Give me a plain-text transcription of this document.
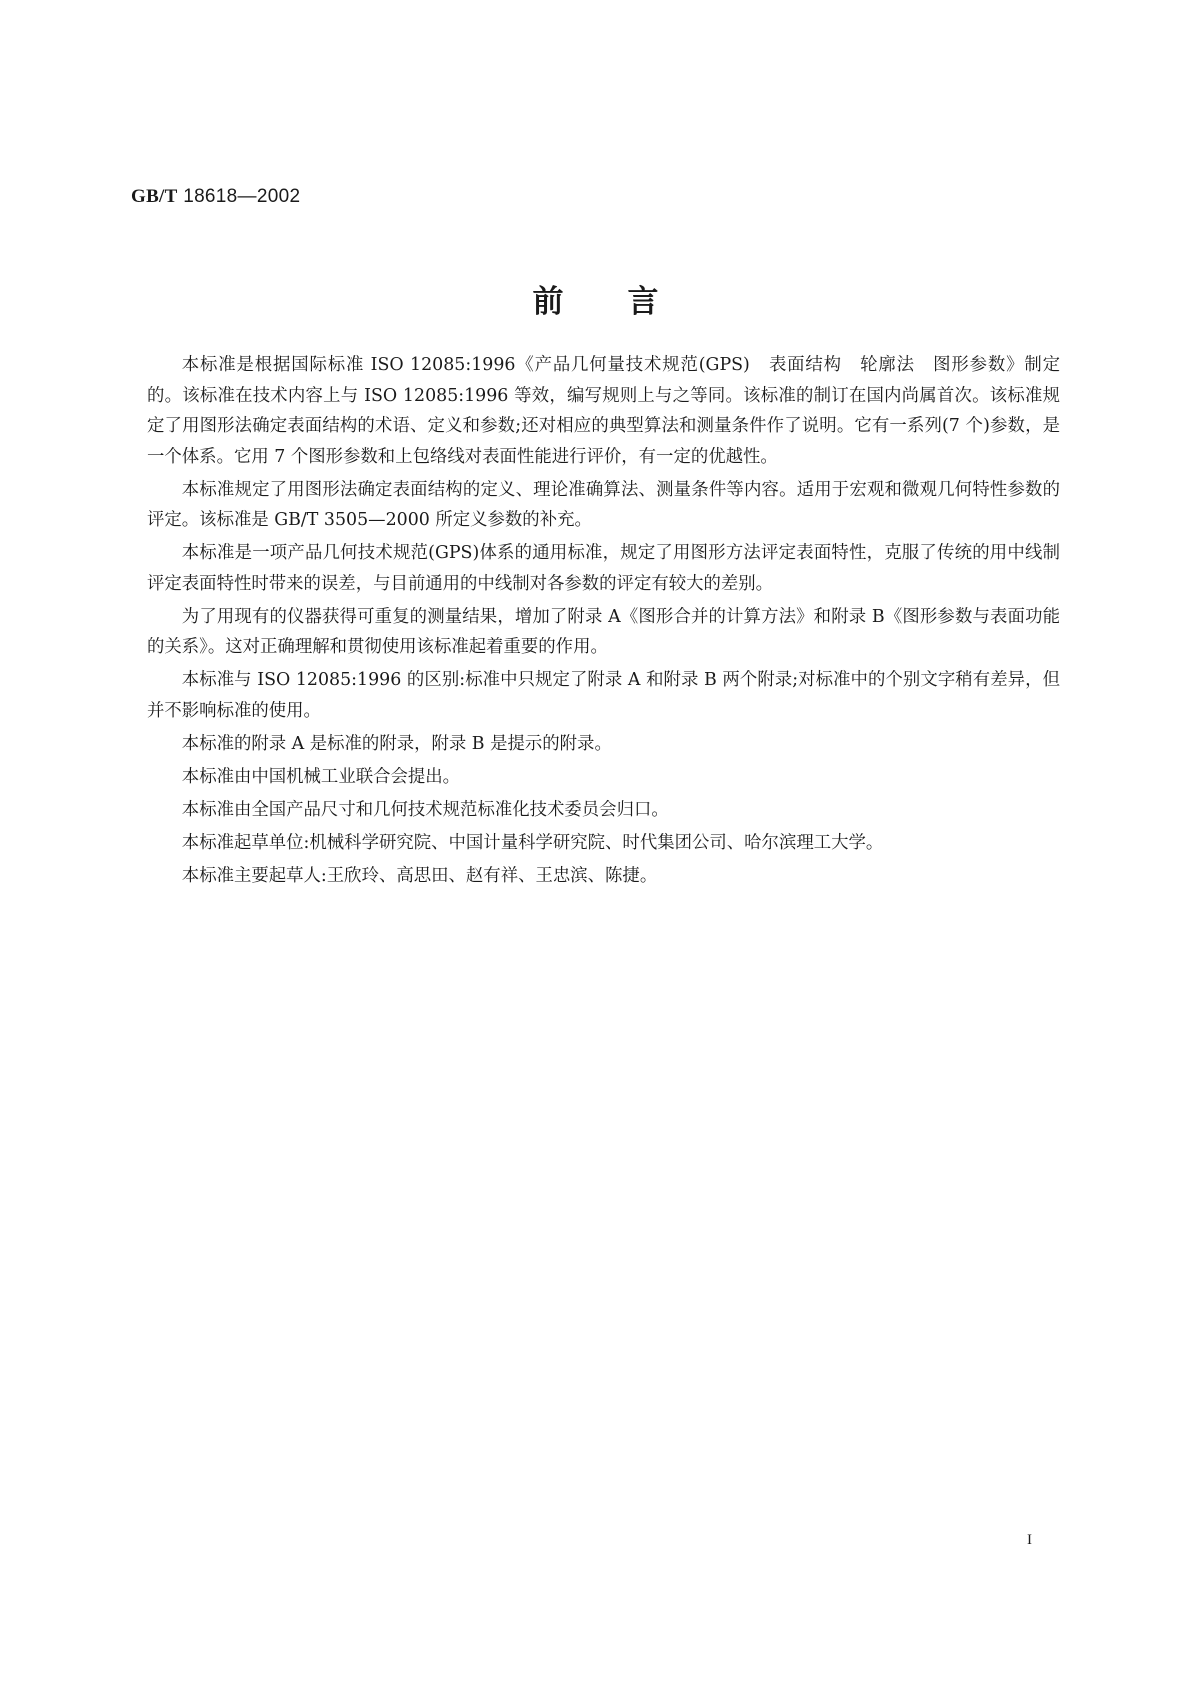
GB/T 18618—2002
前言

本标准是根据国际标准 ISO 12085:1996《产品几何量技术规范(GPS)　表面结构　轮廓法　图形参数》制定的。该标准在技术内容上与 ISO 12085:1996 等效，编写规则上与之等同。该标准的制订在国内尚属首次。该标准规定了用图形法确定表面结构的术语、定义和参数;还对相应的典型算法和测量条件作了说明。它有一系列(7 个)参数，是一个体系。它用 7 个图形参数和上包络线对表面性能进行评价，有一定的优越性。

本标准规定了用图形法确定表面结构的定义、理论准确算法、测量条件等内容。适用于宏观和微观几何特性参数的评定。该标准是 GB/T 3505—2000 所定义参数的补充。

本标准是一项产品几何技术规范(GPS)体系的通用标准，规定了用图形方法评定表面特性，克服了传统的用中线制评定表面特性时带来的误差，与目前通用的中线制对各参数的评定有较大的差别。

为了用现有的仪器获得可重复的测量结果，增加了附录 A《图形合并的计算方法》和附录 B《图形参数与表面功能的关系》。这对正确理解和贯彻使用该标准起着重要的作用。

本标准与 ISO 12085:1996 的区别:标准中只规定了附录 A 和附录 B 两个附录;对标准中的个别文字稍有差异，但并不影响标准的使用。

本标准的附录 A 是标准的附录，附录 B 是提示的附录。

本标准由中国机械工业联合会提出。

本标准由全国产品尺寸和几何技术规范标准化技术委员会归口。

本标准起草单位:机械科学研究院、中国计量科学研究院、时代集团公司、哈尔滨理工大学。

本标准主要起草人:王欣玲、高思田、赵有祥、王忠滨、陈捷。

I
